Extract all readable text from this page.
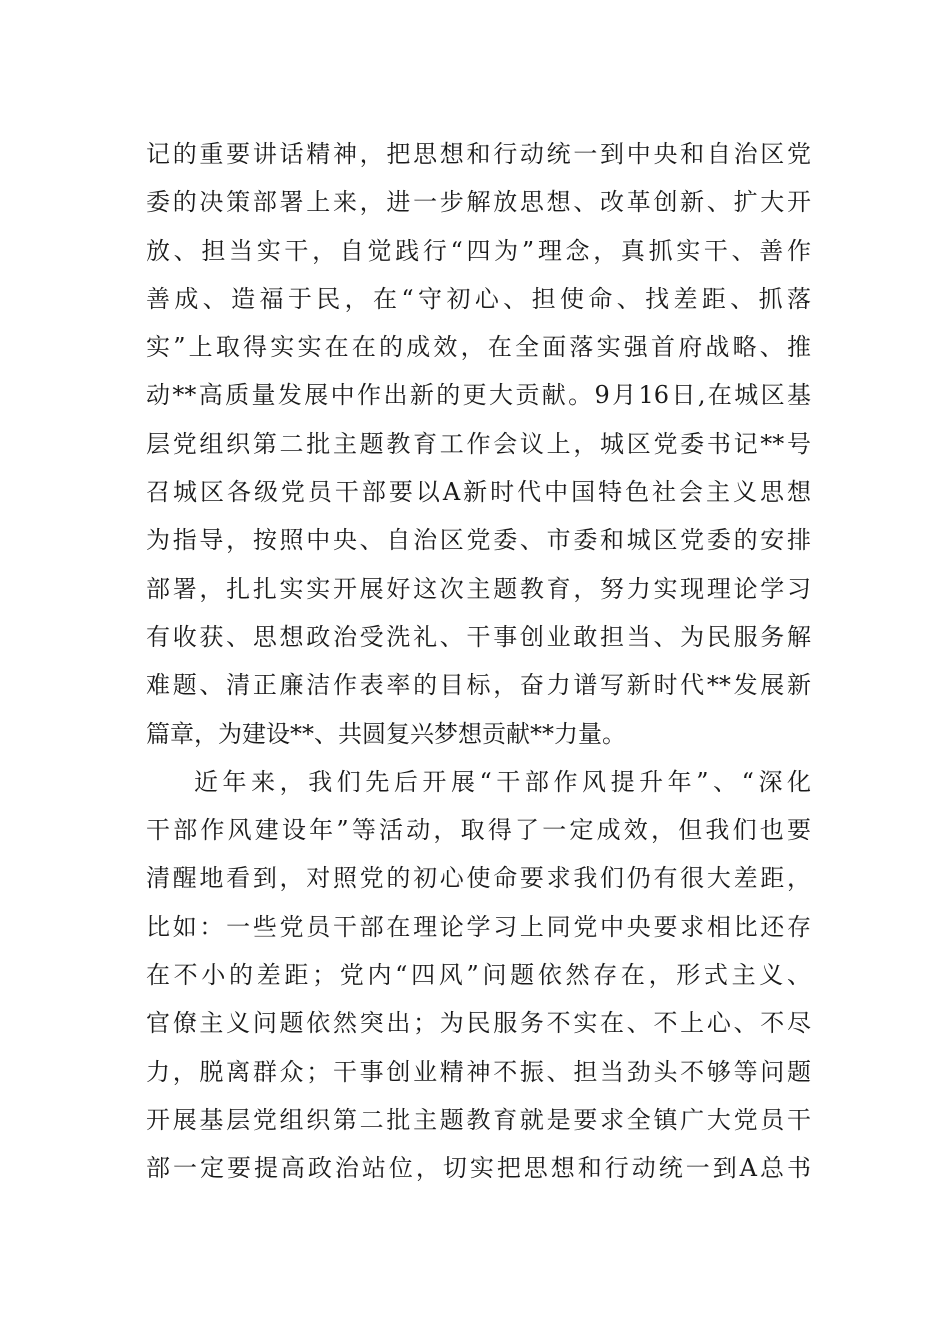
记的重要讲话精神，把思想和行动统一到中央和自治区党
委的决策部署上来，进一步解放思想、改革创新、扩大开
放、担当实干，自觉践行“四为”理念，真抓实干、善作
善成、造福于民，在“守初心、担使命、找差距、抓落
实”上取得实实在在的成效，在全面落实强首府战略、推
动**高质量发展中作出新的更大贡献。9月16日,在城区基
层党组织第二批主题教育工作会议上，城区党委书记**号
召城区各级党员干部要以A新时代中国特色社会主义思想
为指导，按照中央、自治区党委、市委和城区党委的安排
部署，扎扎实实开展好这次主题教育，努力实现理论学习
有收获、思想政治受洗礼、干事创业敢担当、为民服务解
难题、清正廉洁作表率的目标，奋力谱写新时代**发展新
篇章，为建设**、共圆复兴梦想贡献**力量。
近年来，我们先后开展“干部作风提升年”、“深化
干部作风建设年”等活动，取得了一定成效，但我们也要
清醒地看到，对照党的初心使命要求我们仍有很大差距，
比如：一些党员干部在理论学习上同党中央要求相比还存
在不小的差距；党内“四风”问题依然存在，形式主义、
官僚主义问题依然突出；为民服务不实在、不上心、不尽
力，脱离群众；干事创业精神不振、担当劲头不够等问题
开展基层党组织第二批主题教育就是要求全镇广大党员干
部一定要提高政治站位，切实把思想和行动统一到A总书
